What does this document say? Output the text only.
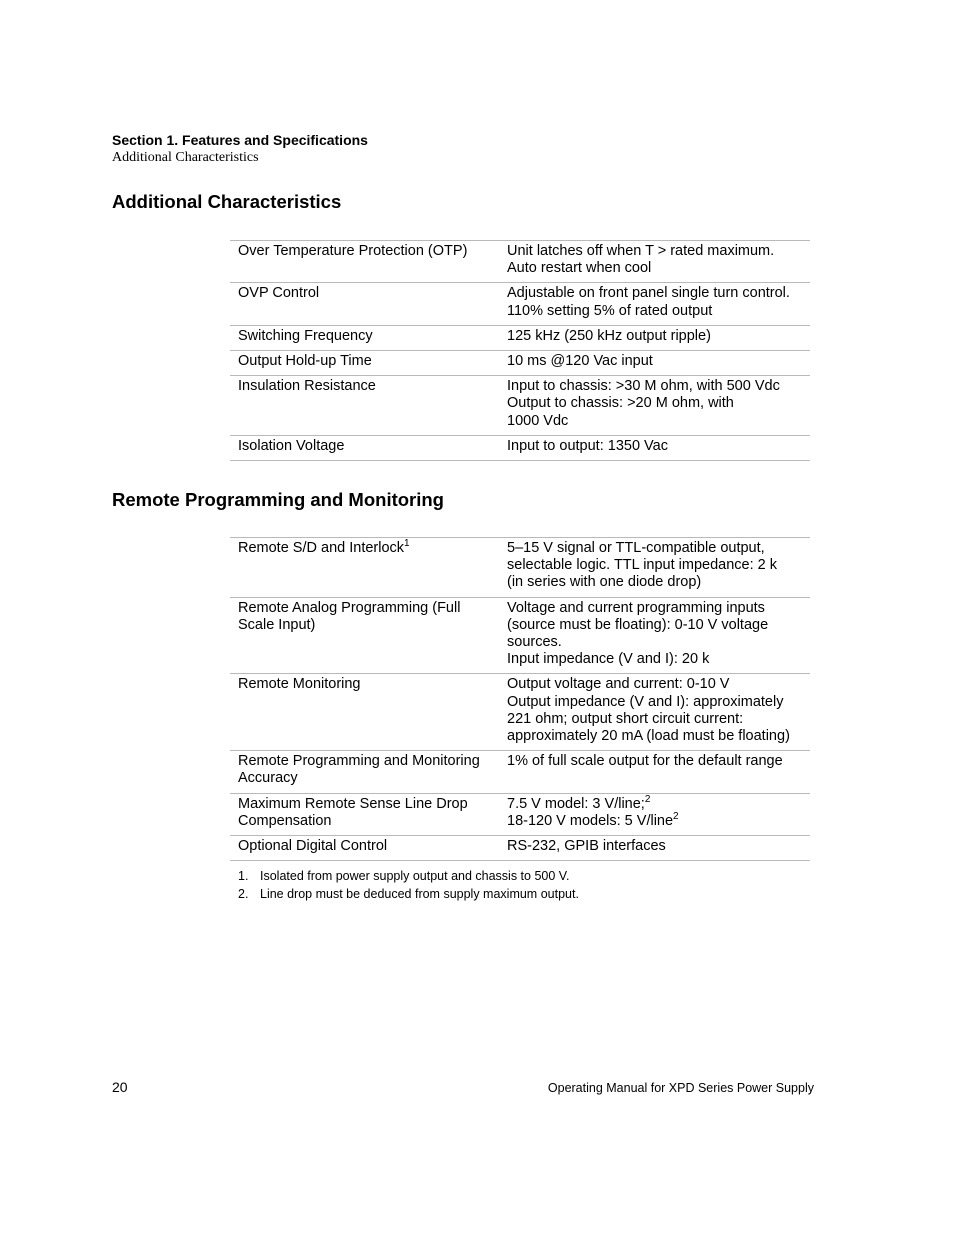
Section 1. Features and Specifications
Additional Characteristics
Additional Characteristics
Over Temperature Protection (OTP)	Unit latches off when T > rated maximum.
Auto restart when cool

OVP Control	Adjustable on front panel single turn control.
110% setting 5% of rated output

Switching Frequency	125 kHz (250 kHz output ripple)

Output Hold-up Time	10 ms @120 Vac input

Insulation Resistance	Input to chassis: >30 M ohm, with 500 Vdc
Output to chassis: >20 M ohm, with
1000 Vdc

Isolation Voltage	Input to output: 1350 Vac
Remote Programming and Monitoring
Remote S/D and Interlock$^1$	5–15 V signal or TTL-compatible output,
selectable logic. TTL input impedance: 2 k
(in series with one diode drop)

Remote Analog Programming (Full Scale Input)	Voltage and current programming inputs
(source must be floating): 0-10 V voltage
sources.
Input impedance (V and I): 20 k

Remote Monitoring	Output voltage and current: 0-10 V
Output impedance (V and I): approximately
221 ohm; output short circuit current:
approximately 20 mA (load must be floating)

Remote Programming and Monitoring Accuracy	1% of full scale output for the default range

Maximum Remote Sense Line Drop Compensation	7.5 V model: 3 V/line;$^2$
18-120 V models: 5 V/line$^2$

Optional Digital Control	RS-232, GPIB interfaces
1. Isolated from power supply output and chassis to 500 V.
2. Line drop must be deduced from supply maximum output.
20	Operating Manual for XPD Series Power Supply
